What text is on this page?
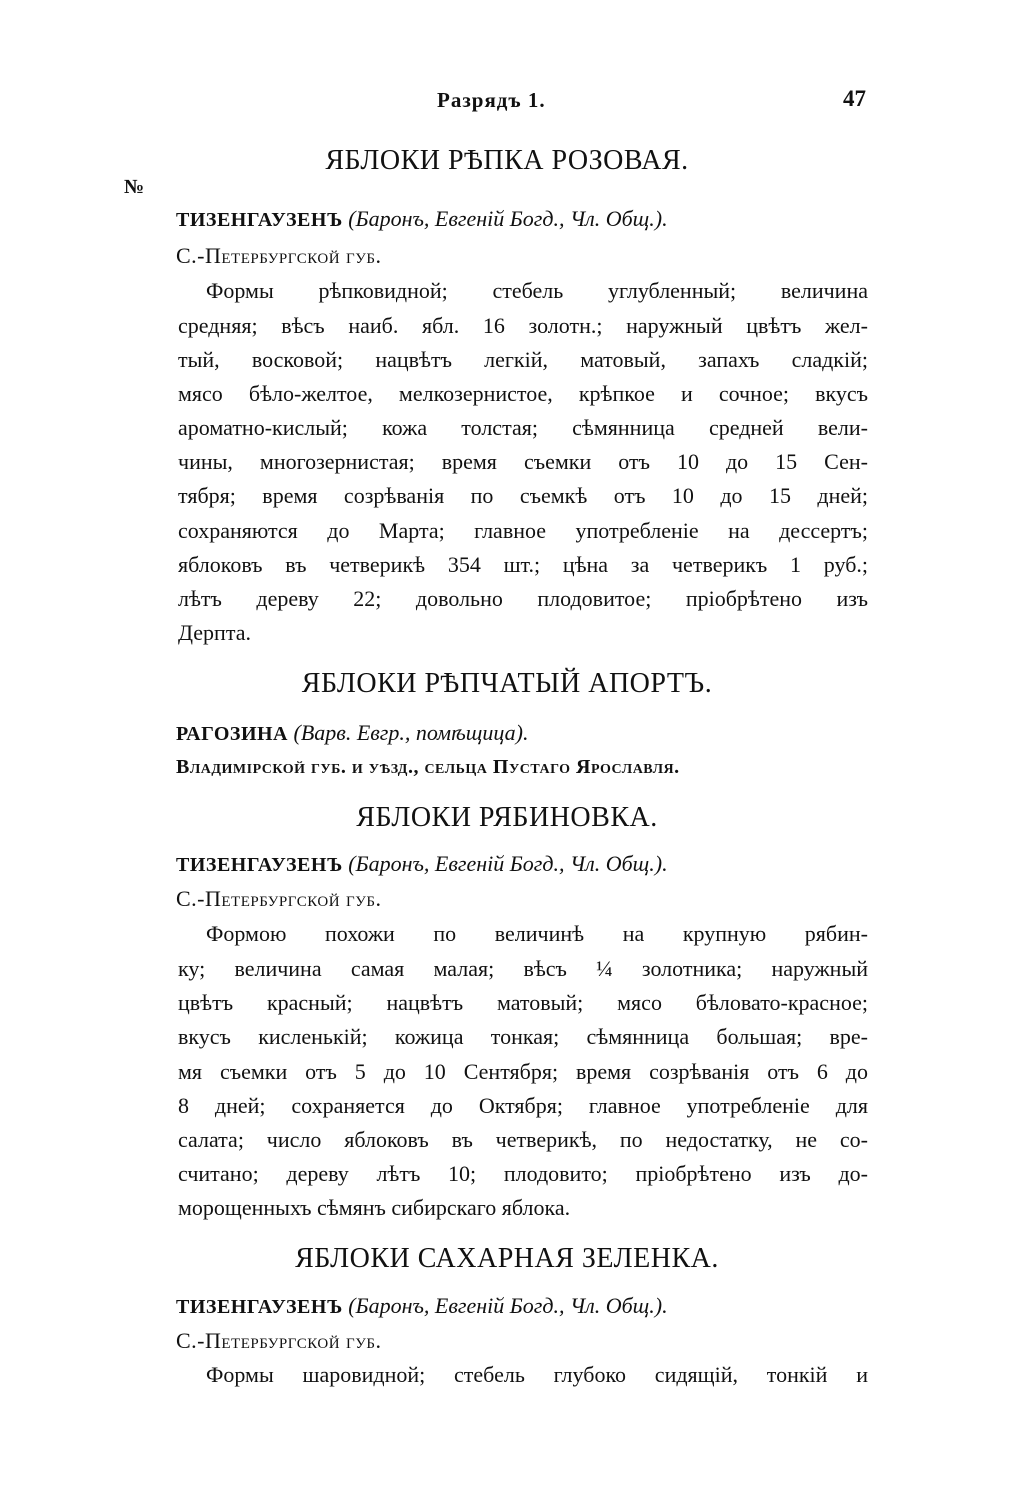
Разрядъ 1.	47
№
ЯБЛОКИ РѢПКА РОЗОВАЯ.
ТИЗЕНГАУЗЕНЪ (Баронъ, Евгеній Богд., Чл. Общ.).
С.-Петербургской губ.
Формы рѣпковидной; стебель углубленный; величина
средняя; вѣсъ наиб. ябл. 16 золотн.; наружный цвѣтъ жел-
тый, восковой; нацвѣтъ легкій, матовый, запахъ сладкій;
мясо бѣло-желтое, мелкозернистое, крѣпкое и сочное; вкусъ
ароматно-кислый; кожа толстая; сѣмянница средней вели-
чины, многозернистая; время съемки отъ 10 до 15 Сен-
тября; время созрѣванія по съемкѣ отъ 10 до 15 дней;
сохраняются до Марта; главное употребленіе на дессертъ;
яблоковъ въ четверикѣ 354 шт.; цѣна за четверикъ 1 руб.;
лѣтъ дереву 22; довольно плодовитое; пріобрѣтено изъ
Дерпта.
ЯБЛОКИ РѢПЧАТЫЙ АПОРТЪ.
РАГОЗИНА (Варв. Евгр., помѣщица).
Владимірской губ. и уѣзд., сельца Пустаго Ярославля.
ЯБЛОКИ РЯБИНОВКА.
ТИЗЕНГАУЗЕНЪ (Баронъ, Евгеній Богд., Чл. Общ.).
С.-Петербургской губ.
Формою похожи по величинѣ на крупную рябин-
ку; величина самая малая; вѣсъ ¼ золотника; наружный
цвѣтъ красный; нацвѣтъ матовый; мясо бѣловато-красное;
вкусъ кисленькій; кожица тонкая; сѣмянница большая; вре-
мя съемки отъ 5 до 10 Сентября; время созрѣванія отъ 6 до
8 дней; сохраняется до Октября; главное употребленіе для
салата; число яблоковъ въ четверикѣ, по недостатку, не со-
считано; дереву лѣтъ 10; плодовито; пріобрѣтено изъ до-
морощенныхъ сѣмянъ сибирскаго яблока.
ЯБЛОКИ САХАРНАЯ ЗЕЛЕНКА.
ТИЗЕНГАУЗЕНЪ (Баронъ, Евгеній Богд., Чл. Общ.).
С.-Петербургской губ.
Формы шаровидной; стебель глубоко сидящій, тонкій и
